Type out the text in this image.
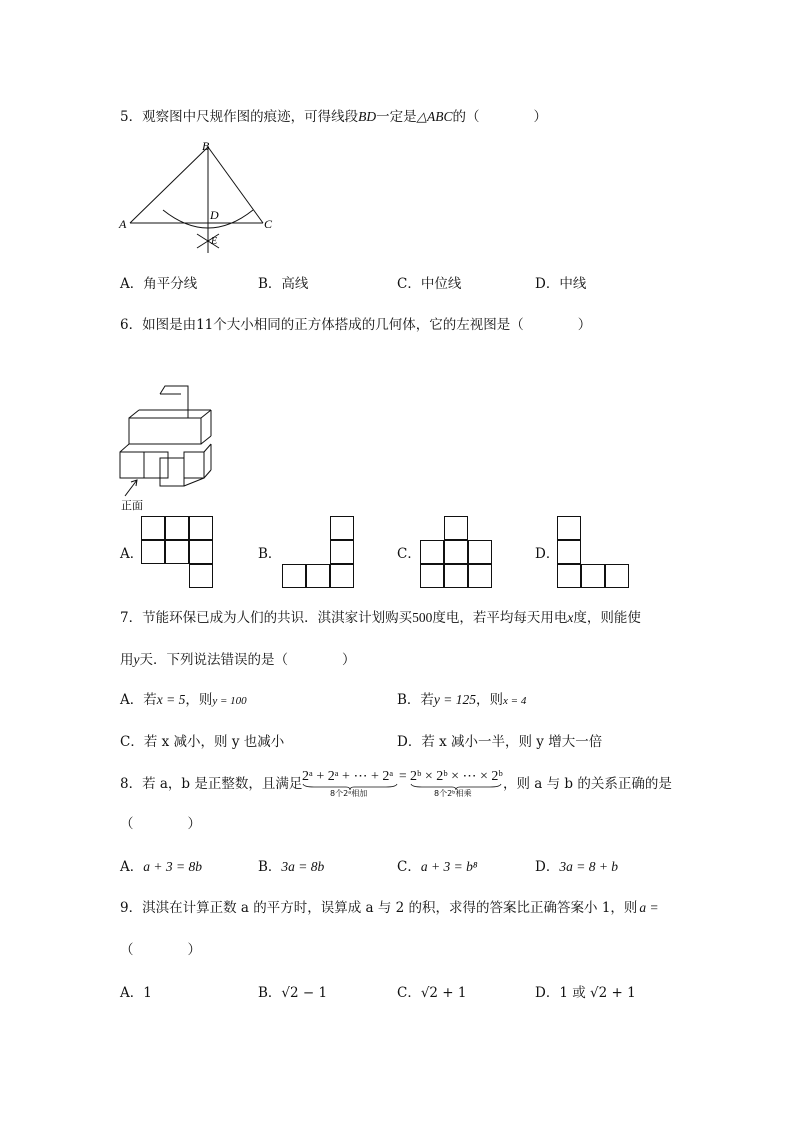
5．观察图中尺规作图的痕迹，可得线段BD一定是△ABC的（　　　　）
B
A	C
D
E
A．角平分线	B．高线	C．中位线	D．中线
6．如图是由11个大小相同的正方体搭成的几何体，它的左视图是（　　　　）
正面
A．	B．	C．	D．
7．节能环保已成为人们的共识．淇淇家计划购买500度电，若平均每天用电x度，则能使
用y天．下列说法错误的是（　　　　）
A．若x = 5，则y = 100	B．若y = 125，则x = 4
C．若 x 减小，则 y 也减小	D．若 x 减小一半，则 y 增大一倍
8．若 a，b 是正整数，且满足 2ᵃ + 2ᵃ + ⋯ + 2ᵃ
8个2ᵃ相加
= 2ᵇ × 2ᵇ × ⋯ × 2ᵇ
8个2ᵇ相乘
，则 a 与 b 的关系正确的是
（　　　　）
A．a + 3 = 8b	B．3a = 8b	C．a + 3 = b⁸	D．3a = 8 + b
9．淇淇在计算正数 a 的平方时，误算成 a 与 2 的积，求得的答案比正确答案小 1，则 a =
（　　　　）
A．1	B．√2 − 1	C．√2 + 1	D．1 或 √2 + 1
